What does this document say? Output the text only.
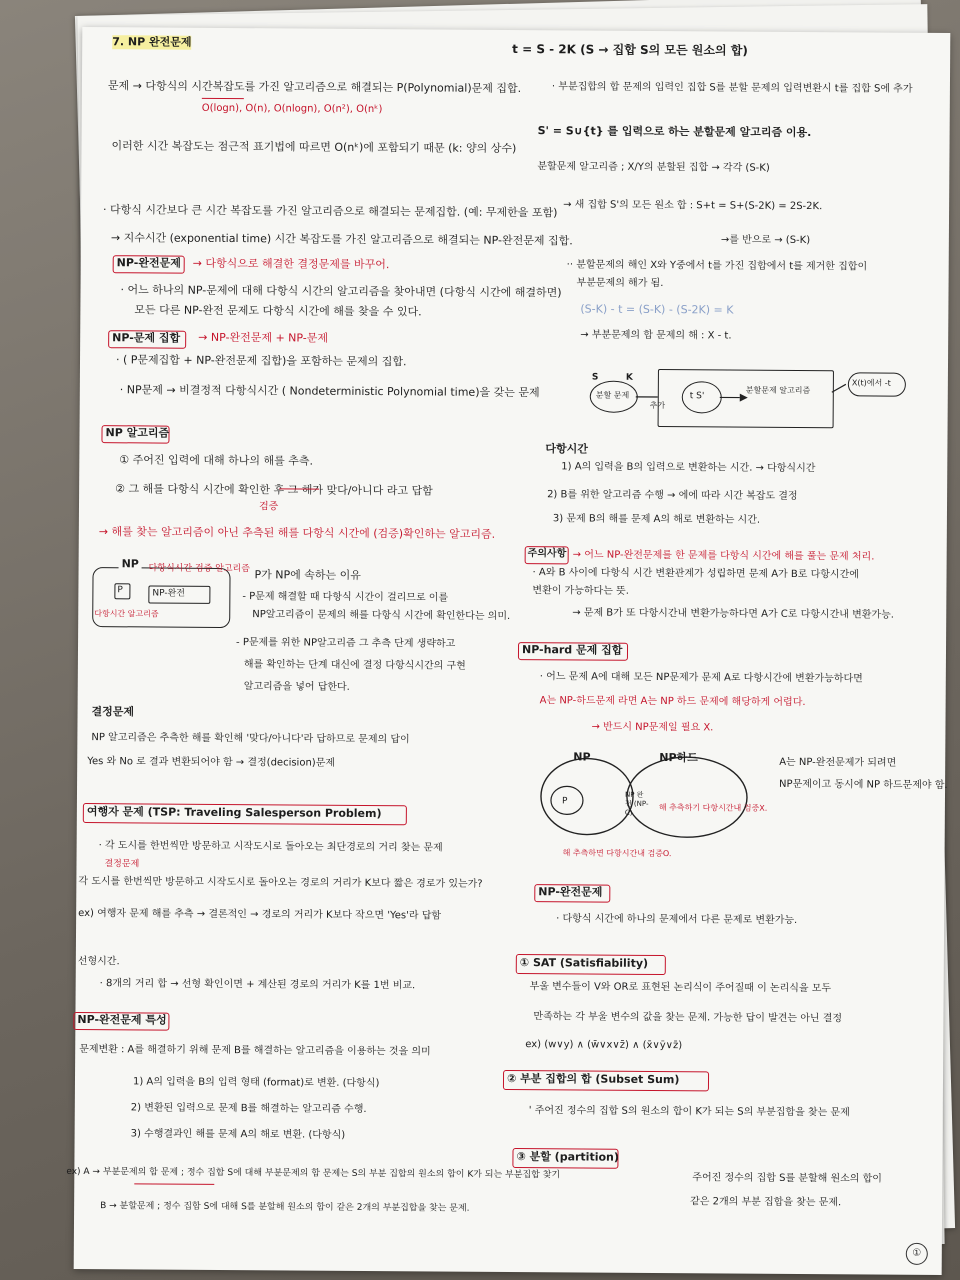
7. NP 완전문제
문제 → 다항식의 시간복잡도를 가진 알고리즘으로 해결되는 P(Polynomial)문제 집합.
O(logn), O(n), O(nlogn), O(n²), O(nᵏ)
이러한 시간 복잡도는 점근적 표기법에 따르면 O(nᵏ)에 포함되기 때문 (k: 양의 상수)
· 다항식 시간보다 큰 시간 복잡도를 가진 알고리즘으로 해결되는 문제집합. (예: 무제한을 포함)
→ 지수시간 (exponential time) 시간 복잡도를 가진 알고리즘으로 해결되는 NP-완전문제 집합.
NP-완전문제 → 다항식으로 해결한 결정문제를 바꾸어.
· 어느 하나의 NP-문제에 대해 다항식 시간의 알고리즘을 찾아내면 (다항식 시간에 해결하면)
모든 다른 NP-완전 문제도 다항식 시간에 해를 찾을 수 있다.
NP-문제 집합 → NP-완전문제 + NP-문제
· ( P문제집합 + NP-완전문제 집합)을 포함하는 문제의 집합.
· NP문제 → 비결정적 다항식시간 ( Nondeterministic Polynomial time)을 갖는 문제
NP 알고리즘
① 주어진 입력에 대해 하나의 해를 추측.
② 그 해를 다항식 시간에 확인한 후 그 해가 맞다/아니다 라고 답함
검증
→ 해를 찾는 알고리즘이 아닌 추측된 해를 다항식 시간에 (검증)확인하는 알고리즘.
NP
P	NP-완전
다항식시간 검증 알고리즘
다항시간 알고리즘
P가 NP에 속하는 이유
- P문제 해결할 때 다항식 시간이 걸리므로 이를
NP알고리즘이 문제의 해를 다항식 시간에 확인한다는 의미.
- P문제를 위한 NP알고리즘 그 추측 단계 생략하고
해를 확인하는 단계 대신에 결정 다항식시간의 구현
알고리즘을 넣어 답한다.
결정문제
NP 알고리즘은 추측한 해를 확인해 '맞다/아니다'라 답하므로 문제의 답이
Yes 와 No 로 결과 변환되어야 함 → 결정(decision)문제
여행자 문제 (TSP: Traveling Salesperson Problem)
· 각 도시를 한번씩만 방문하고 시작도시로 돌아오는 최단경로의 거리 찾는 문제
결정문제
각 도시를 한번씩만 방문하고 시작도시로 돌아오는 경로의 거리가 K보다 짧은 경로가 있는가?
ex) 여행자 문제 해를 추측 → 결론적인 → 경로의 거리가 K보다 작으면 'Yes'라 답함
선형시간.
· 8개의 거리 합 → 선형 확인이면 + 계산된 경로의 거리가 K를 1번 비교.
NP-완전문제 특성
문제변환 : A를 해결하기 위해 문제 B를 해결하는 알고리즘을 이용하는 것을 의미
1) A의 입력을 B의 입력 형태 (format)로 변환. (다항식)
2) 변환된 입력으로 문제 B를 해결하는 알고리즘 수행.
3) 수행결과인 해를 문제 A의 해로 변환. (다항식)
ex) A → 부분문제의 합 문제 ; 정수 집합 S에 대해 부분문제의 합 문제는 S의 부분 집합의 원소의 합이 K가 되는 부분집합 찾기
B → 분할문제 ; 정수 집합 S에 대해 S를 분할해 원소의 합이 같은 2개의 부분집합을 찾는 문제.
t = S - 2K (S → 집합 S의 모든 원소의 합)
· 부분집합의 합 문제의 입력인 집합 S를 분할 문제의 입력변환시 t를 집합 S에 추가
S' = S∪{t} 를 입력으로 하는 분할문제 알고리즘 이용.
분할문제 알고리즘 ; X/Y의 분할된 집합 → 각각 (S-K)
→ 새 집합 S'의 모든 원소 합 : S+t = S+(S-2K) = 2S-2K.
→를 반으로 → (S-K)
·· 분할문제의 해인 X와 Y중에서 t를 가진 집합에서 t를 제거한 집합이
부분문제의 해가 됨.
(S-K) - t = (S-K) - (S-2K) = K
→ 부분문제의 합 문제의 해 : X - t.
S	K
분할 문제
추가
t S'
분할문제 알고리즘
X(t)에서 -t
다항시간
1) A의 입력을 B의 입력으로 변환하는 시간. → 다항식시간
2) B를 위한 알고리즘 수행 → 에에 따라 시간 복잡도 결정
3) 문제 B의 해를 문제 A의 해로 변환하는 시간.
주의사항 → 어느 NP-완전문제를 한 문제를 다항식 시간에 해를 풀는 문제 처리.
· A와 B 사이에 다항식 시간 변환관계가 성립하면 문제 A가 B로 다항시간에
변환이 가능하다는 뜻.
→ 문제 B가 또 다항시간내 변환가능하다면 A가 C로 다항시간내 변환가능.
NP-hard 문제 집합
· 어느 문제 A에 대해 모든 NP문제가 문제 A로 다항시간에 변환가능하다면
A는 NP-하드문제 라면 A는 NP 하드 문제에 해당하게 어렵다.
→ 반드시 NP문제일 필요 X.
NP	NP하드
P
NP 완전 (NP-C)
해 추측하기 다항시간내 검증X.
해 추측하면 다항시간내 검증O.
A는 NP-완전문제가 되려면
NP문제이고 동시에 NP 하드문제야 함.
NP-완전문제
· 다항식 시간에 하나의 문제에서 다른 문제로 변환가능.
① SAT (Satisfiability)
부울 변수들이 V와 OR로 표현된 논리식이 주어질때 이 논리식을 모두
만족하는 각 부울 변수의 값을 찾는 문제. 가능한 답이 발견는 아닌 결정
ex) (w∨y) ∧ (w̄∨x∨z̄) ∧ (x̄∨ȳ∨z̄)
② 부분 집합의 합 (Subset Sum)
' 주어진 정수의 집합 S의 원소의 합이 K가 되는 S의 부분집합을 찾는 문제
③ 분할 (partition)
주어진 정수의 집합 S를 분할해 원소의 합이
같은 2개의 부분 집합을 찾는 문제.
①
